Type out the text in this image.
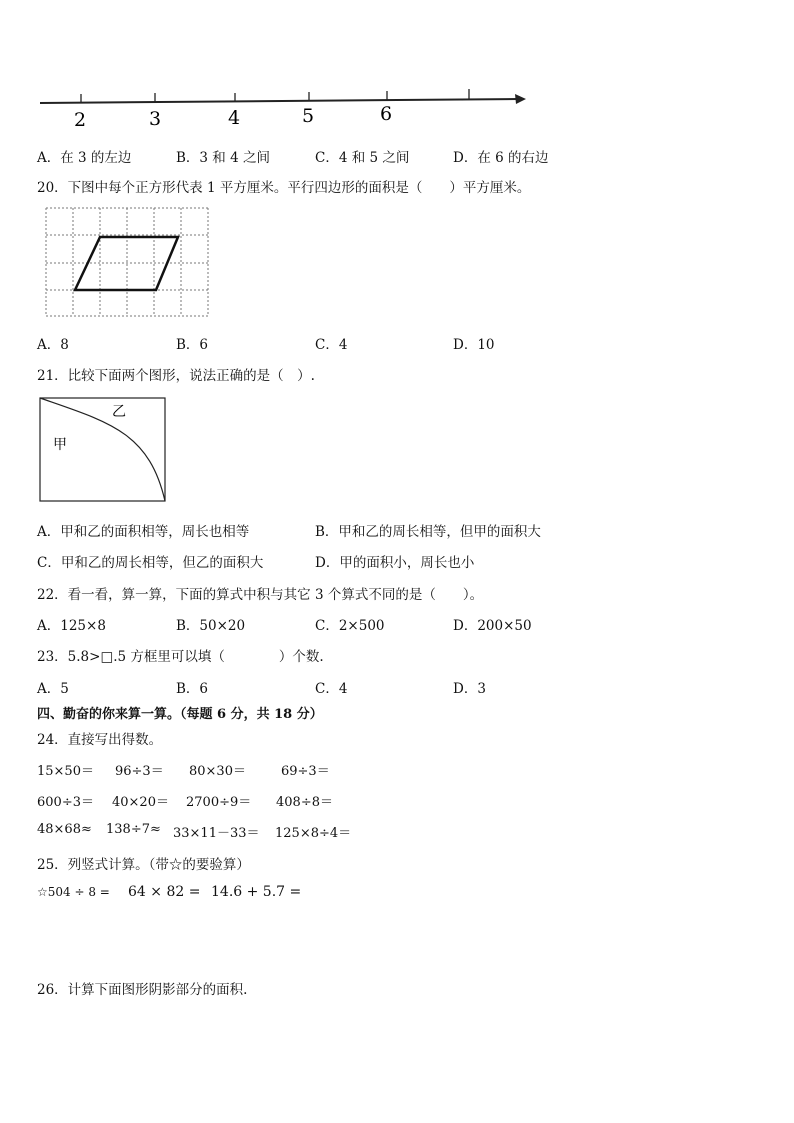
2	3	4	5	6
A．在 3 的左边	B．3 和 4 之间	C．4 和 5 之间	D．在 6 的右边
20．下图中每个正方形代表 1 平方厘米。平行四边形的面积是（　　）平方厘米。
A．8	B．6	C．4	D．10
21．比较下面两个图形，说法正确的是（　）.
甲
乙
A．甲和乙的面积相等，周长也相等	B．甲和乙的周长相等，但甲的面积大
C．甲和乙的周长相等，但乙的面积大	D．甲的面积小，周长也小
22．看一看，算一算，下面的算式中积与其它 3 个算式不同的是（　　）。
A．125×8	B．50×20	C．2×500	D．200×50
23．5.8>□.5 方框里可以填（　　　　）个数.
A．5	B．6	C．4	D．3
四、勤奋的你来算一算。（每题 6 分，共 18 分）
24．直接写出得数。
15×50＝ 96÷3＝ 80×30＝	69÷3＝
600÷3＝ 40×20＝ 2700÷9＝ 408÷8＝
48×68≈ 138÷7≈ 33×11－33＝ 125×8÷4＝
25．列竖式计算。（带☆的要验算）
☆504 ÷ 8 = 64 × 82 = 14.6 + 5.7 =
26．计算下面图形阴影部分的面积.
